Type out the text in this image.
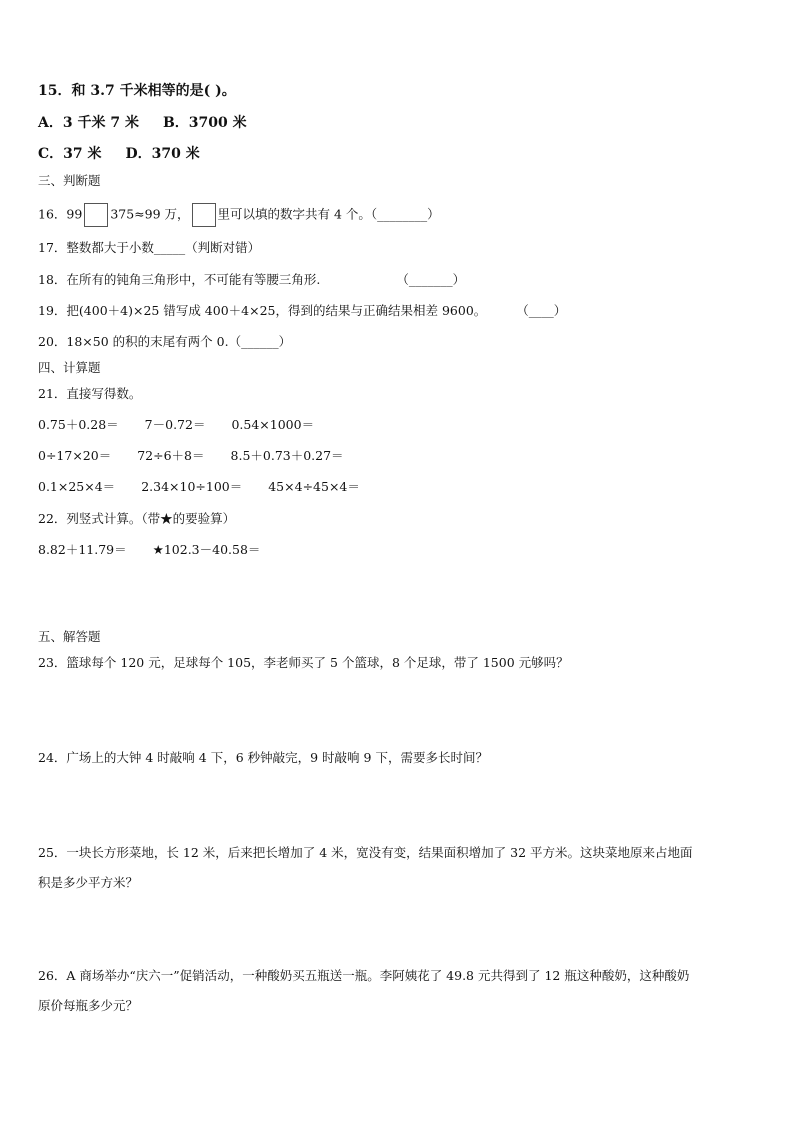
15．和 3.7 千米相等的是( )。
A．3 千米 7 米 B．3700 米
C．37 米 D．370 米
三、判断题
16．99 375≈99 万， 里可以填的数字共有 4 个。（________）
17．整数都大于小数_____（判断对错）
18．在所有的钝角三角形中，不可能有等腰三角形.	（_______）
19．把(400＋4)×25 错写成 400＋4×25，得到的结果与正确结果相差 9600。 （____）
20．18×50 的积的末尾有两个 0.（______）
四、计算题
21．直接写得数。
0.75＋0.28＝ 7－0.72＝ 0.54×1000＝
0÷17×20＝ 72÷6＋8＝ 8.5＋0.73＋0.27＝
0.1×25×4＝ 2.34×10÷100＝ 45×4÷45×4＝
22．列竖式计算。（带★的要验算）
8.82＋11.79＝ ★102.3－40.58＝
五、解答题
23．篮球每个 120 元，足球每个 105，李老师买了 5 个篮球，8 个足球，带了 1500 元够吗？
24．广场上的大钟 4 时敲响 4 下，6 秒钟敲完，9 时敲响 9 下，需要多长时间？
25．一块长方形菜地，长 12 米，后来把长增加了 4 米，宽没有变，结果面积增加了 32 平方米。这块菜地原来占地面
积是多少平方米？
26．A 商场举办“庆六一”促销活动，一种酸奶买五瓶送一瓶。李阿姨花了 49.8 元共得到了 12 瓶这种酸奶，这种酸奶
原价每瓶多少元？
